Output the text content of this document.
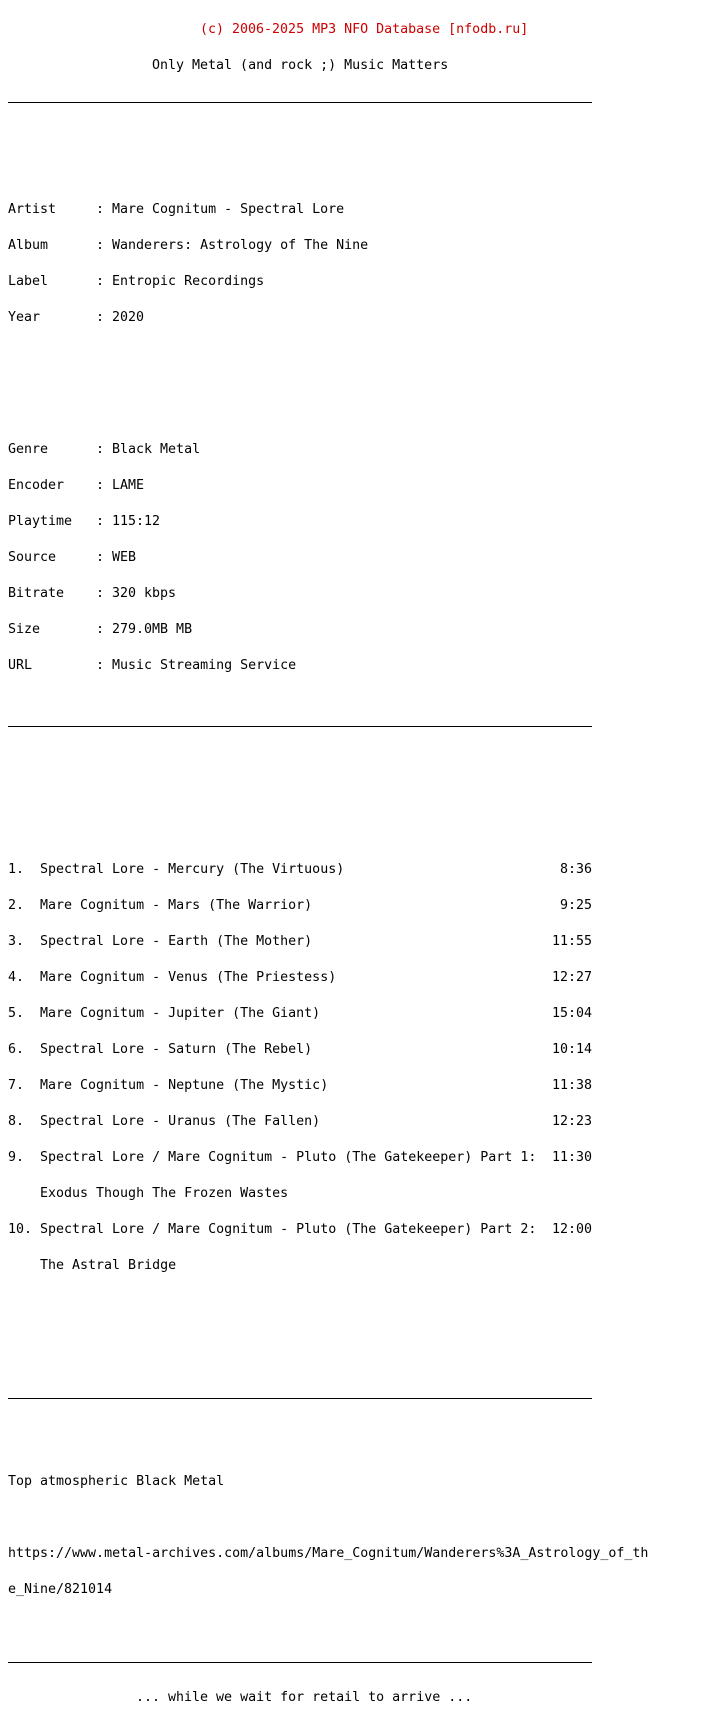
(c) 2006-2025 MP3 NFO Database [nfodb.ru]

Only Metal (and rock ;) Music Matters

Artist	: Mare Cognitum - Spectral Lore

Album	: Wanderers: Astrology of The Nine

Label	: Entropic Recordings

Year	: 2020

Genre	: Black Metal

Encoder : LAME

Playtime : 115:12

Source	: WEB

Bitrate : 320 kbps

Size	: 279.0MB MB

URL	: Music Streaming Service

1. Spectral Lore - Mercury (The Virtuous)	8:36

2. Mare Cognitum - Mars (The Warrior)	9:25

3. Spectral Lore - Earth (The Mother)	11:55

4. Mare Cognitum - Venus (The Priestess)	12:27

5. Mare Cognitum - Jupiter (The Giant)	15:04

6. Spectral Lore - Saturn (The Rebel)	10:14

7. Mare Cognitum - Neptune (The Mystic)	11:38

8. Spectral Lore - Uranus (The Fallen)	12:23

9. Spectral Lore / Mare Cognitum - Pluto (The Gatekeeper) Part 1:	11:30

Exodus Though The Frozen Wastes

10. Spectral Lore / Mare Cognitum - Pluto (The Gatekeeper) Part 2:	12:00

The Astral Bridge

Top atmospheric Black Metal

https://www.metal-archives.com/albums/Mare_Cognitum/Wanderers%3A_Astrology_of_th

e_Nine/821014

... while we wait for retail to arrive ...
